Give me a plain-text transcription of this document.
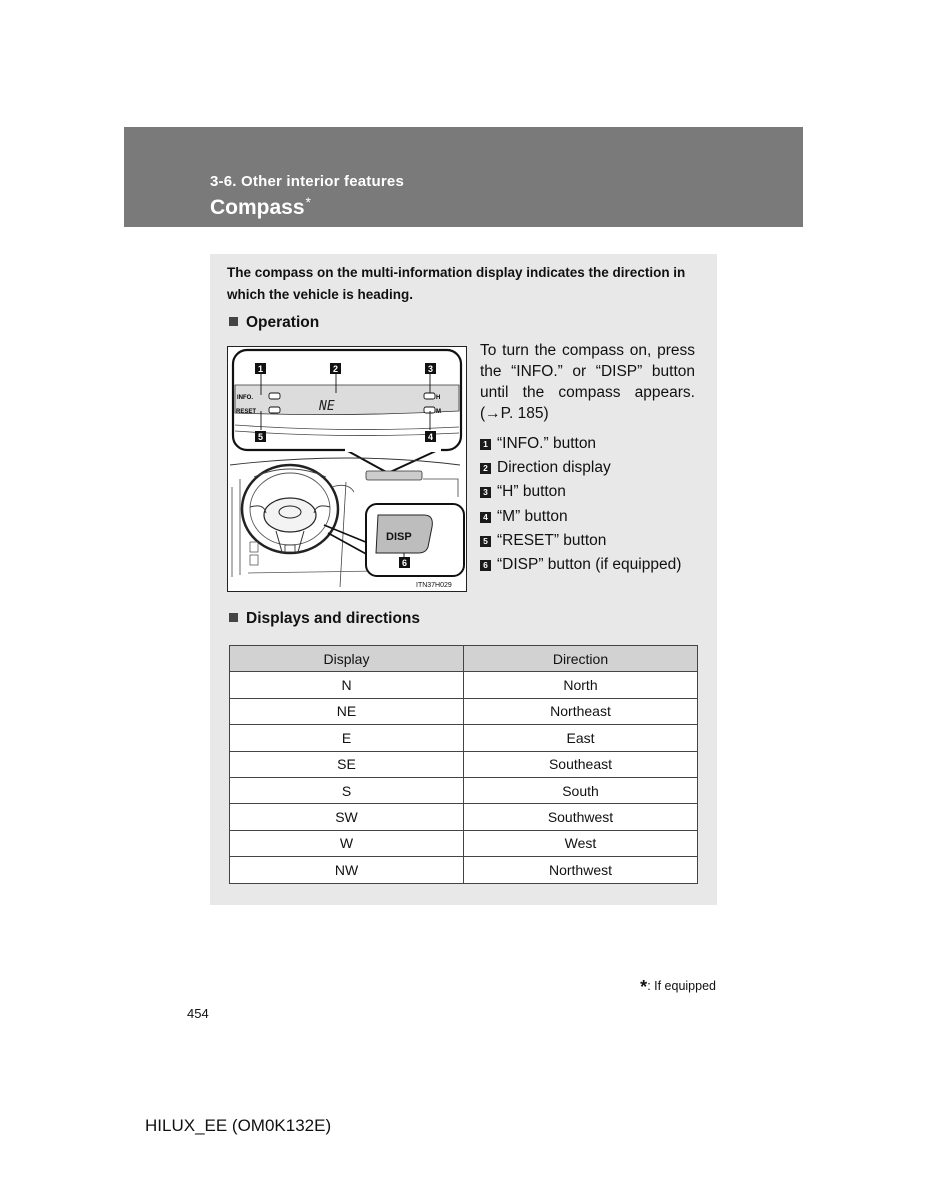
3-6. Other interior features
Compass*
The compass on the multi-information display indicates the direction in which the vehicle is heading.
Operation
INFO.
RESET
H
M
NE
1	2	3
4
5
DISP
6
ITN37H029
To turn the compass on, press the “INFO.” or “DISP” button until the compass appears. (→P. 185)
1 “INFO.” button
2 Direction display
3 “H” button
4 “M” button
5 “RESET” button
6 “DISP” button (if equipped)
Displays and directions
Display	Direction
N	North
NE	Northeast
E	East
SE	Southeast
S	South
SW	Southwest
W	West
NW	Northwest
*: If equipped
454
HILUX_EE (OM0K132E)
